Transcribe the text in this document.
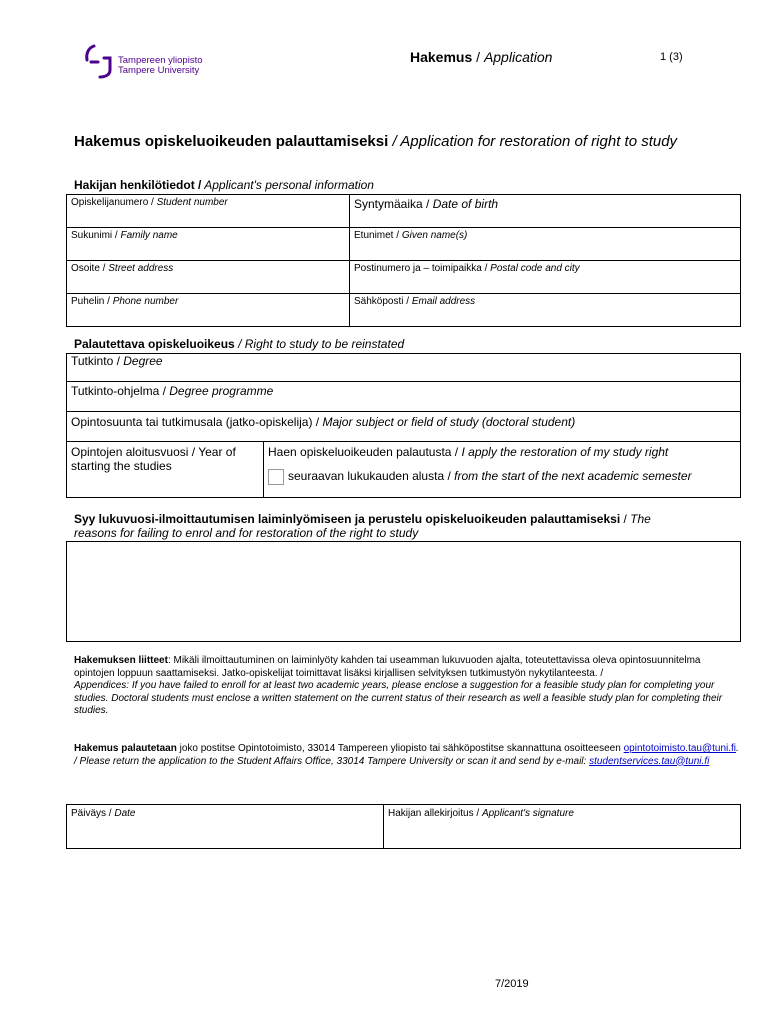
Tampereen yliopisto
Tampere University
Hakemus / Application	1 (3)
Hakemus opiskeluoikeuden palauttamiseksi / Application for restoration of right to study
Hakijan henkilötiedot / Applicant's personal information
Opiskelijanumero / Student number	Syntymäaika / Date of birth
Sukunimi / Family name	Etunimet / Given name(s)
Osoite / Street address	Postinumero ja – toimipaikka / Postal code and city
Puhelin / Phone number	Sähköposti / Email address
Palautettava opiskeluoikeus / Right to study to be reinstated
Tutkinto / Degree
Tutkinto-ohjelma / Degree programme
Opintosuunta tai tutkimusala (jatko-opiskelija) / Major subject or field of study (doctoral student)
Opintojen aloitusvuosi / Year of starting the studies	
Haen opiskeluoikeuden palautusta / I apply the restoration of my study right
seuraavan lukukauden alusta / from the start of the next academic semester
Syy lukuvuosi-ilmoittautumisen laiminlyömiseen ja perustelu opiskeluoikeuden palauttamiseksi / The
reasons for failing to enrol and for restoration of the right to study
Hakemuksen liitteet: Mikäli ilmoittautuminen on laiminlyöty kahden tai useamman lukuvuoden ajalta, toteutettavissa oleva opintosuunnitelma opintojen loppuun saattamiseksi. Jatko-opiskelijat toimittavat lisäksi kirjallisen selvityksen tutkimustyön nykytilanteesta. /
Appendices: If you have failed to enroll for at least two academic years, please enclose a suggestion for a feasible study plan for completing your studies. Doctoral students must enclose a written statement on the current status of their research as well a feasible study plan for completing their studies.
Hakemus palautetaan joko postitse Opintotoimisto, 33014 Tampereen yliopisto tai sähköpostitse skannattuna osoitteeseen opintotoimisto.tau@tuni.fi. / Please return the application to the Student Affairs Office, 33014 Tampere University or scan it and send by e-mail: studentservices.tau@tuni.fi
Päiväys / Date	Hakijan allekirjoitus / Applicant's signature
7/2019
